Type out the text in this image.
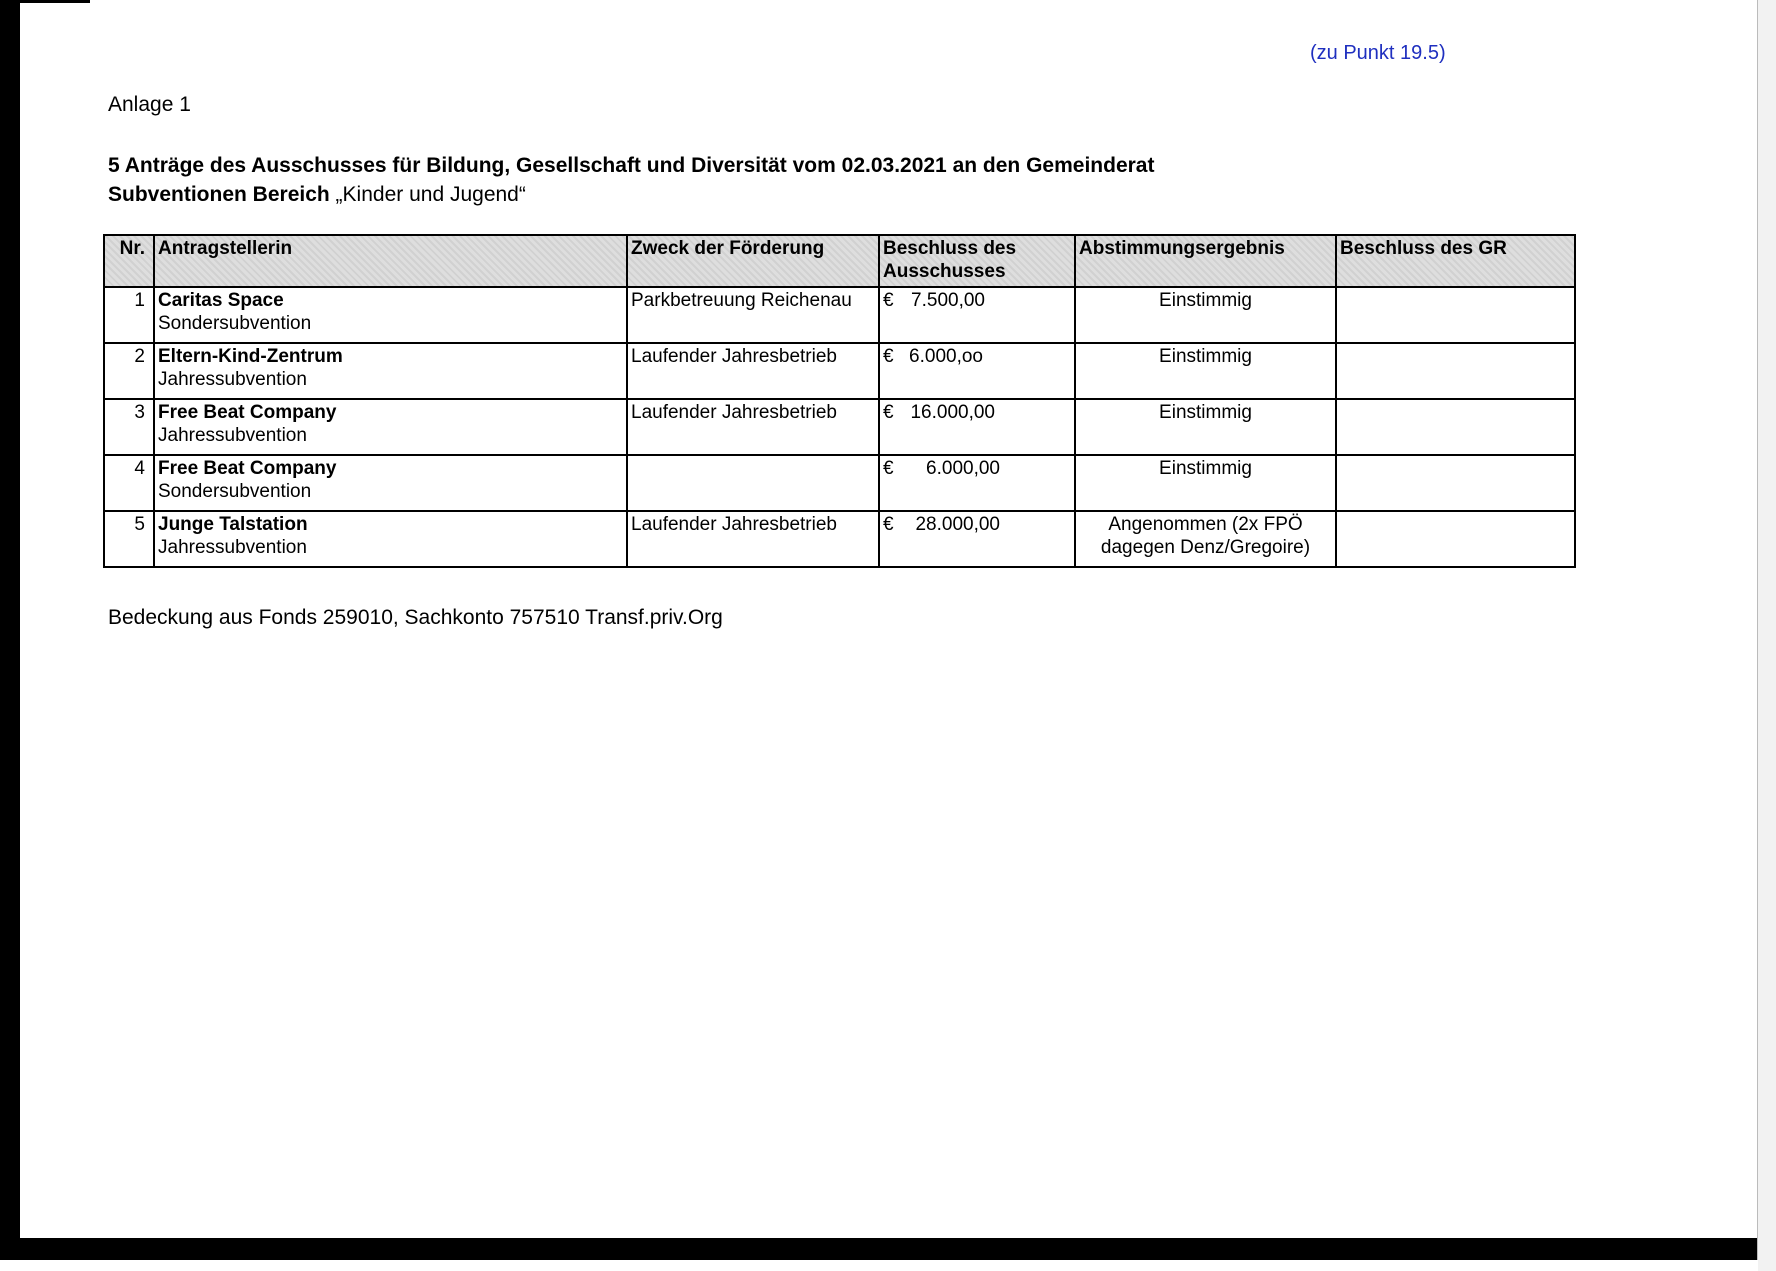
(zu Punkt 19.5)
Anlage 1
5 Anträge des Ausschusses für Bildung, Gesellschaft und Diversität vom 02.03.2021 an den Gemeinderat
Subventionen Bereich „Kinder und Jugend“
Nr.	Antragstellerin	Zweck der Förderung	Beschluss des Ausschusses	Abstimmungsergebnis	Beschluss des GR
1	Caritas Space
Sondersubvention	Parkbetreuung Reichenau	€ 7.500,00	Einstimmig	
2	Eltern-Kind-Zentrum
Jahressubvention	Laufender Jahresbetrieb	€ 6.000,oo	Einstimmig	
3	Free Beat Company
Jahressubvention	Laufender Jahresbetrieb	€ 16.000,00	Einstimmig	
4	Free Beat Company
Sondersubvention		€ 6.000,00	Einstimmig	
5	Junge Talstation
Jahressubvention	Laufender Jahresbetrieb	€ 28.000,00	Angenommen (2x FPÖ dagegen Denz/Gregoire)	
Bedeckung aus Fonds 259010, Sachkonto 757510 Transf.priv.Org
